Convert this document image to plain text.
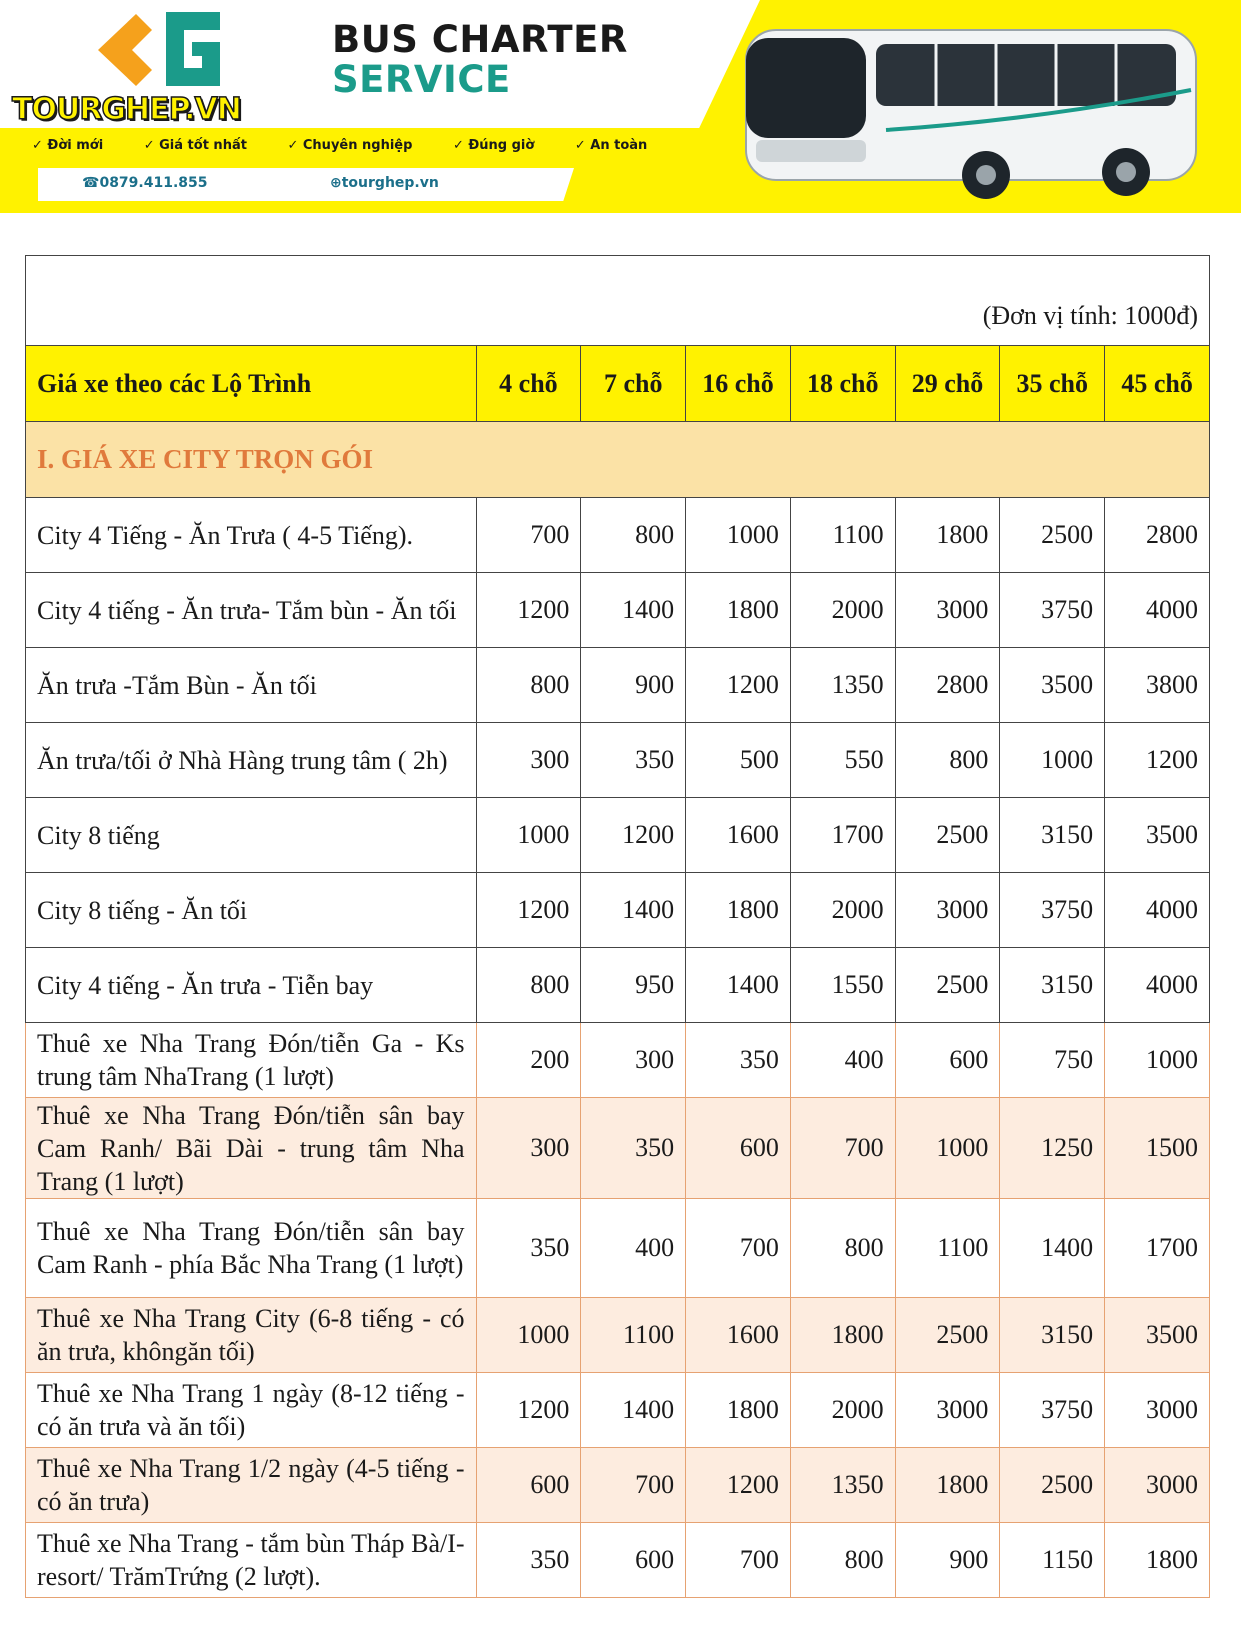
TOURGHEP.VN
BUS CHARTER
SERVICE
✓ Đời mới	✓ Giá tốt nhất	✓ Chuyên nghiệp	✓ Đúng giờ	✓ An toàn
☎0879.411.855	⊕tourghep.vn
(Đơn vị tính: 1000đ)							
Giá xe theo các Lộ Trình	4 chỗ	7 chỗ	16 chỗ	18 chỗ	29 chỗ	35 chỗ	45 chỗ
I. GIÁ XE CITY TRỌN GÓI							
City 4 Tiếng - Ăn Trưa ( 4-5 Tiếng).	700	800	1000	1100	1800	2500	2800
City 4 tiếng - Ăn trưa- Tắm bùn - Ăn tối	1200	1400	1800	2000	3000	3750	4000
Ăn trưa -Tắm Bùn - Ăn tối	800	900	1200	1350	2800	3500	3800
Ăn trưa/tối ở Nhà Hàng trung tâm ( 2h)	300	350	500	550	800	1000	1200
City 8 tiếng	1000	1200	1600	1700	2500	3150	3500
City 8 tiếng - Ăn tối	1200	1400	1800	2000	3000	3750	4000
City 4 tiếng - Ăn trưa - Tiễn bay	800	950	1400	1550	2500	3150	4000
Thuê xe Nha Trang Đón/tiễn Ga - Ks trung tâm NhaTrang (1 lượt)	200	300	350	400	600	750	1000
Thuê xe Nha Trang Đón/tiễn sân bay Cam Ranh/ Bãi Dài - trung tâm Nha Trang (1 lượt)	300	350	600	700	1000	1250	1500
Thuê xe Nha Trang Đón/tiễn sân bay Cam Ranh - phía Bắc Nha Trang (1 lượt)	350	400	700	800	1100	1400	1700
Thuê xe Nha Trang City (6-8 tiếng - có ăn trưa, khôngăn tối)	1000	1100	1600	1800	2500	3150	3500
Thuê xe Nha Trang 1 ngày (8-12 tiếng - có ăn trưa và ăn tối)	1200	1400	1800	2000	3000	3750	3000
Thuê xe Nha Trang 1/2 ngày (4-5 tiếng - có ăn trưa)	600	700	1200	1350	1800	2500	3000
Thuê xe Nha Trang - tắm bùn Tháp Bà/I-resort/ TrămTrứng (2 lượt).	350	600	700	800	900	1150	1800
